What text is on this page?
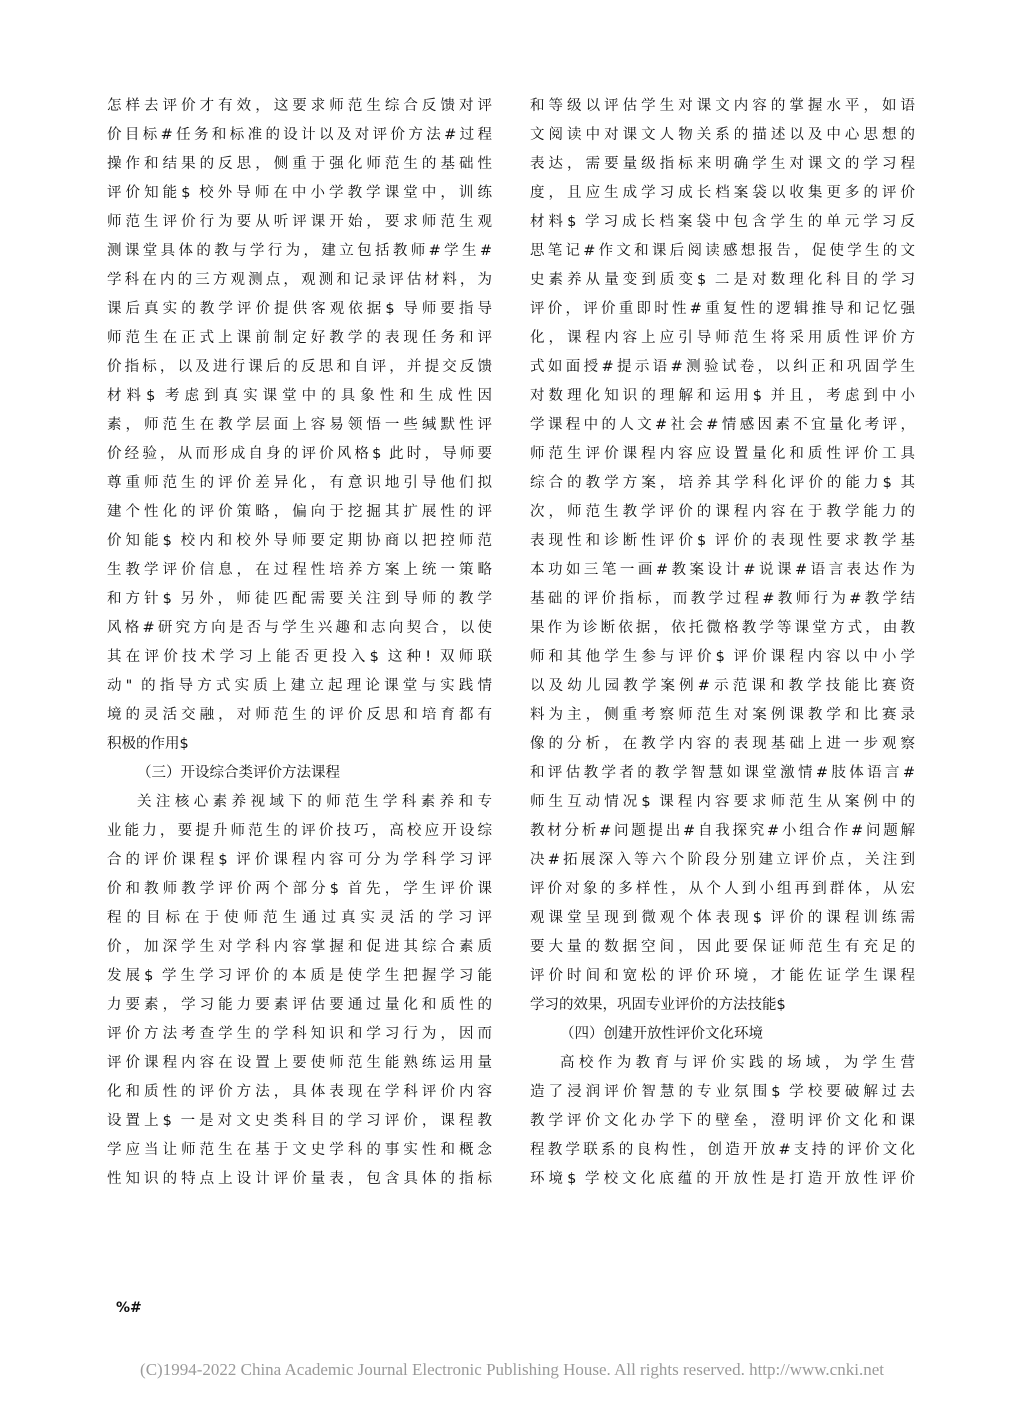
怎样去评价才有效，这要求师范生综合反馈对评
价目标#任务和标准的设计以及对评价方法#过程
操作和结果的反思，侧重于强化师范生的基础性
评价知能$ 校外导师在中小学教学课堂中，训练
师范生评价行为要从听评课开始，要求师范生观
测课堂具体的教与学行为，建立包括教师#学生#
学科在内的三方观测点，观测和记录评估材料，为
课后真实的教学评价提供客观依据$ 导师要指导
师范生在正式上课前制定好教学的表现任务和评
价指标，以及进行课后的反思和自评，并提交反馈
材料$ 考虑到真实课堂中的具象性和生成性因
素，师范生在教学层面上容易领悟一些缄默性评
价经验，从而形成自身的评价风格$ 此时，导师要
尊重师范生的评价差异化，有意识地引导他们拟
建个性化的评价策略，偏向于挖掘其扩展性的评
价知能$ 校内和校外导师要定期协商以把控师范
生教学评价信息，在过程性培养方案上统一策略
和方针$ 另外，师徒匹配需要关注到导师的教学
风格#研究方向是否与学生兴趣和志向契合，以使
其在评价技术学习上能否更投入$ 这种! 双师联
动" 的指导方式实质上建立起理论课堂与实践情
境的灵活交融，对师范生的评价反思和培育都有
积极的作用$
（三）开设综合类评价方法课程
关注核心素养视域下的师范生学科素养和专
业能力，要提升师范生的评价技巧，高校应开设综
合的评价课程$ 评价课程内容可分为学科学习评
价和教师教学评价两个部分$ 首先，学生评价课
程的目标在于使师范生通过真实灵活的学习评
价，加深学生对学科内容掌握和促进其综合素质
发展$ 学生学习评价的本质是使学生把握学习能
力要素，学习能力要素评估要通过量化和质性的
评价方法考查学生的学科知识和学习行为，因而
评价课程内容在设置上要使师范生能熟练运用量
化和质性的评价方法，具体表现在学科评价内容
设置上$ 一是对文史类科目的学习评价，课程教
学应当让师范生在基于文史学科的事实性和概念
性知识的特点上设计评价量表，包含具体的指标
和等级以评估学生对课文内容的掌握水平，如语
文阅读中对课文人物关系的描述以及中心思想的
表达，需要量级指标来明确学生对课文的学习程
度，且应生成学习成长档案袋以收集更多的评价
材料$ 学习成长档案袋中包含学生的单元学习反
思笔记#作文和课后阅读感想报告，促使学生的文
史素养从量变到质变$ 二是对数理化科目的学习
评价，评价重即时性#重复性的逻辑推导和记忆强
化，课程内容上应引导师范生将采用质性评价方
式如面授#提示语#测验试卷，以纠正和巩固学生
对数理化知识的理解和运用$ 并且，考虑到中小
学课程中的人文#社会#情感因素不宜量化考评，
师范生评价课程内容应设置量化和质性评价工具
综合的教学方案，培养其学科化评价的能力$ 其
次，师范生教学评价的课程内容在于教学能力的
表现性和诊断性评价$ 评价的表现性要求教学基
本功如三笔一画#教案设计#说课#语言表达作为
基础的评价指标，而教学过程#教师行为#教学结
果作为诊断依据，依托微格教学等课堂方式，由教
师和其他学生参与评价$ 评价课程内容以中小学
以及幼儿园教学案例#示范课和教学技能比赛资
料为主，侧重考察师范生对案例课教学和比赛录
像的分析，在教学内容的表现基础上进一步观察
和评估教学者的教学智慧如课堂激情#肢体语言#
师生互动情况$ 课程内容要求师范生从案例中的
教材分析#问题提出#自我探究#小组合作#问题解
决#拓展深入等六个阶段分别建立评价点，关注到
评价对象的多样性，从个人到小组再到群体，从宏
观课堂呈现到微观个体表现$ 评价的课程训练需
要大量的数据空间，因此要保证师范生有充足的
评价时间和宽松的评价环境，才能佐证学生课程
学习的效果，巩固专业评价的方法技能$
（四）创建开放性评价文化环境
高校作为教育与评价实践的场域，为学生营
造了浸润评价智慧的专业氛围$ 学校要破解过去
教学评价文化办学下的壁垒，澄明评价文化和课
程教学联系的良构性，创造开放#支持的评价文化
环境$ 学校文化底蕴的开放性是打造开放性评价
%#
(C)1994-2022 China Academic Journal Electronic Publishing House. All rights reserved. http://www.cnki.net
